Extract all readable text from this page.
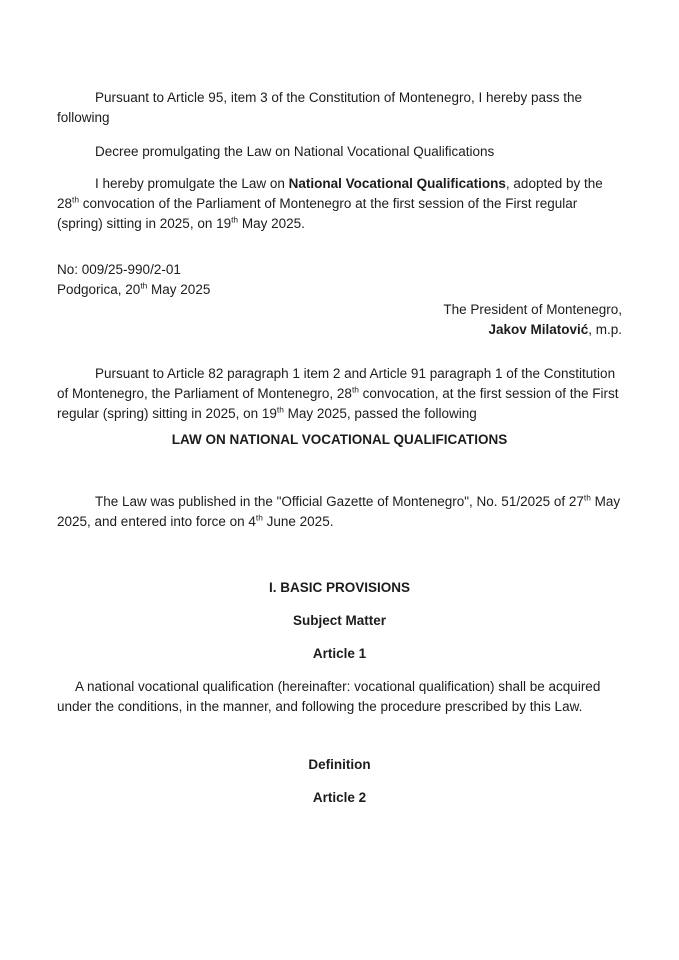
Pursuant to Article 95, item 3 of the Constitution of Montenegro, I hereby pass the following

Decree promulgating the Law on National Vocational Qualifications

I hereby promulgate the Law on National Vocational Qualifications, adopted by the 28th convocation of the Parliament of Montenegro at the first session of the First regular (spring) sitting in 2025, on 19th May 2025.

No: 009/25-990/2-01

Podgorica, 20th May 2025

The President of Montenegro,

Jakov Milatović, m.p.

Pursuant to Article 82 paragraph 1 item 2 and Article 91 paragraph 1 of the Constitution of Montenegro, the Parliament of Montenegro, 28th convocation, at the first session of the First regular (spring) sitting in 2025, on 19th May 2025, passed the following

LAW ON NATIONAL VOCATIONAL QUALIFICATIONS

The Law was published in the "Official Gazette of Montenegro", No. 51/2025 of 27th May 2025, and entered into force on 4th June 2025.

I. BASIC PROVISIONS

Subject Matter

Article 1

A national vocational qualification (hereinafter: vocational qualification) shall be acquired under the conditions, in the manner, and following the procedure prescribed by this Law.

Definition

Article 2
